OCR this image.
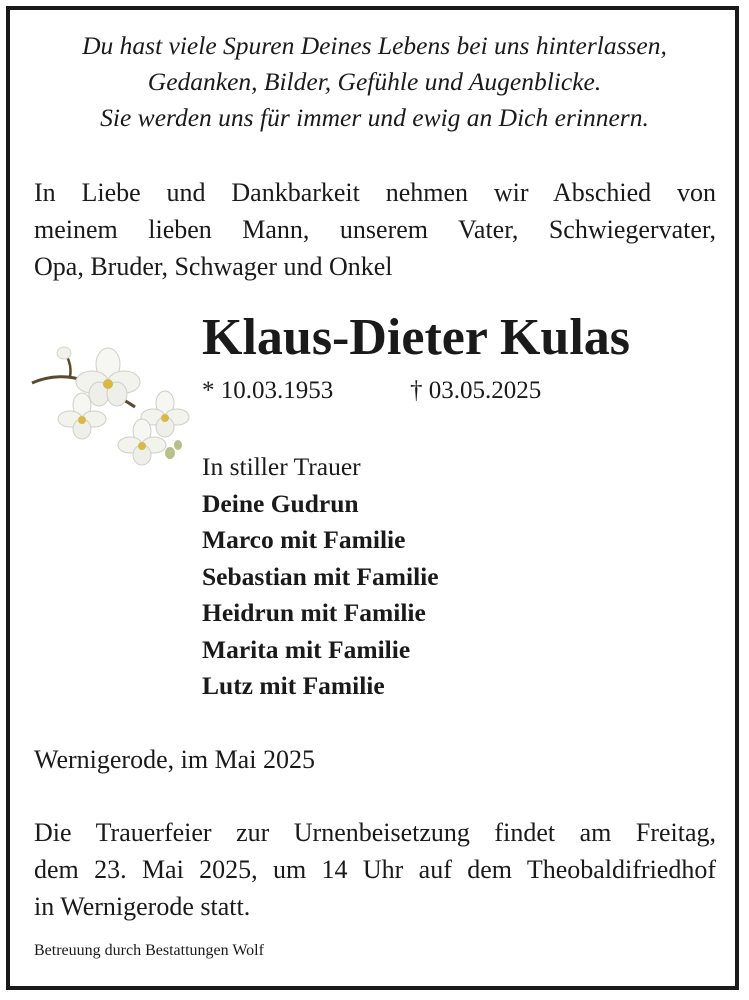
Du hast viele Spuren Deines Lebens bei uns hinterlassen,
Gedanken, Bilder, Gefühle und Augenblicke.
Sie werden uns für immer und ewig an Dich erinnern.
In Liebe und Dankbarkeit nehmen wir Abschied von
meinem lieben Mann, unserem Vater, Schwiegervater,
Opa, Bruder, Schwager und Onkel
Klaus-Dieter Kulas
* 10.03.1953	† 03.05.2025
In stiller Trauer
Deine Gudrun
Marco mit Familie
Sebastian mit Familie
Heidrun mit Familie
Marita mit Familie
Lutz mit Familie
Wernigerode, im Mai 2025
Die Trauerfeier zur Urnenbeisetzung findet am Freitag,
dem 23. Mai 2025, um 14 Uhr auf dem Theobaldifriedhof
in Wernigerode statt.
Betreuung durch Bestattungen Wolf
